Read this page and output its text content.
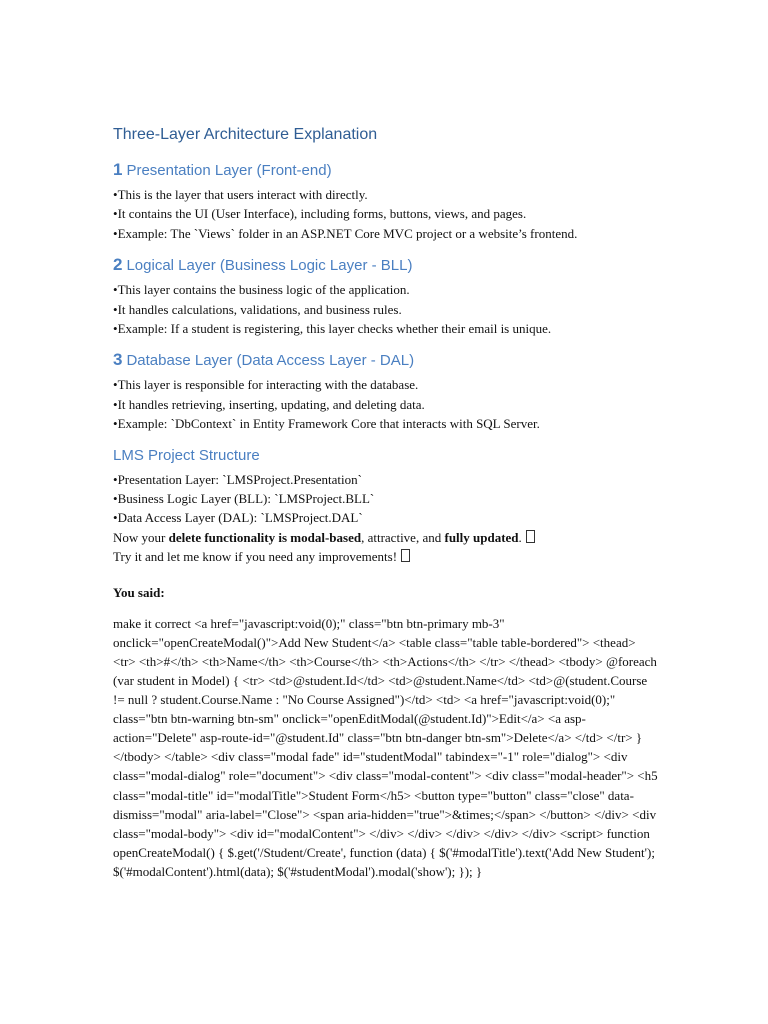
Three-Layer Architecture Explanation
1 Presentation Layer (Front-end)
• This is the layer that users interact with directly.
• It contains the UI (User Interface), including forms, buttons, views, and pages.
• Example: The `Views` folder in an ASP.NET Core MVC project or a website’s frontend.
2 Logical Layer (Business Logic Layer - BLL)
• This layer contains the business logic of the application.
• It handles calculations, validations, and business rules.
• Example: If a student is registering, this layer checks whether their email is unique.
3 Database Layer (Data Access Layer - DAL)
• This layer is responsible for interacting with the database.
• It handles retrieving, inserting, updating, and deleting data.
• Example: `DbContext` in Entity Framework Core that interacts with SQL Server.
LMS Project Structure
• Presentation Layer: `LMSProject.Presentation`
• Business Logic Layer (BLL): `LMSProject.BLL`
• Data Access Layer (DAL): `LMSProject.DAL`

Now your delete functionality is modal-based, attractive, and fully updated.

Try it and let me know if you need any improvements!

You said:

make it correct <a href="javascript:void(0);" class="btn btn-primary mb-3" onclick="openCreateModal()">Add New Student</a> <table class="table table-bordered"> <thead> <tr> <th>#</th> <th>Name</th> <th>Course</th> <th>Actions</th> </tr> </thead> <tbody> @foreach (var student in Model) { <tr> <td>@student.Id</td> <td>@student.Name</td> <td>@(student.Course != null ? student.Course.Name : "No Course Assigned")</td> <td> <a href="javascript:void(0);" class="btn btn-warning btn-sm" onclick="openEditModal(@student.Id)">Edit</a> <a asp-action="Delete" asp-route-id="@student.Id" class="btn btn-danger btn-sm">Delete</a> </td> </tr> } </tbody> </table> <div class="modal fade" id="studentModal" tabindex="-1" role="dialog"> <div class="modal-dialog" role="document"> <div class="modal-content"> <div class="modal-header"> <h5 class="modal-title" id="modalTitle">Student Form</h5> <button type="button" class="close" data-dismiss="modal" aria-label="Close"> <span aria-hidden="true">&times;</span> </button> </div> <div class="modal-body"> <div id="modalContent"> </div> </div> </div> </div> </div> <script> function openCreateModal() { $.get('/Student/Create', function (data) { $('#modalTitle').text('Add New Student'); $('#modalContent').html(data); $('#studentModal').modal('show'); }); }
